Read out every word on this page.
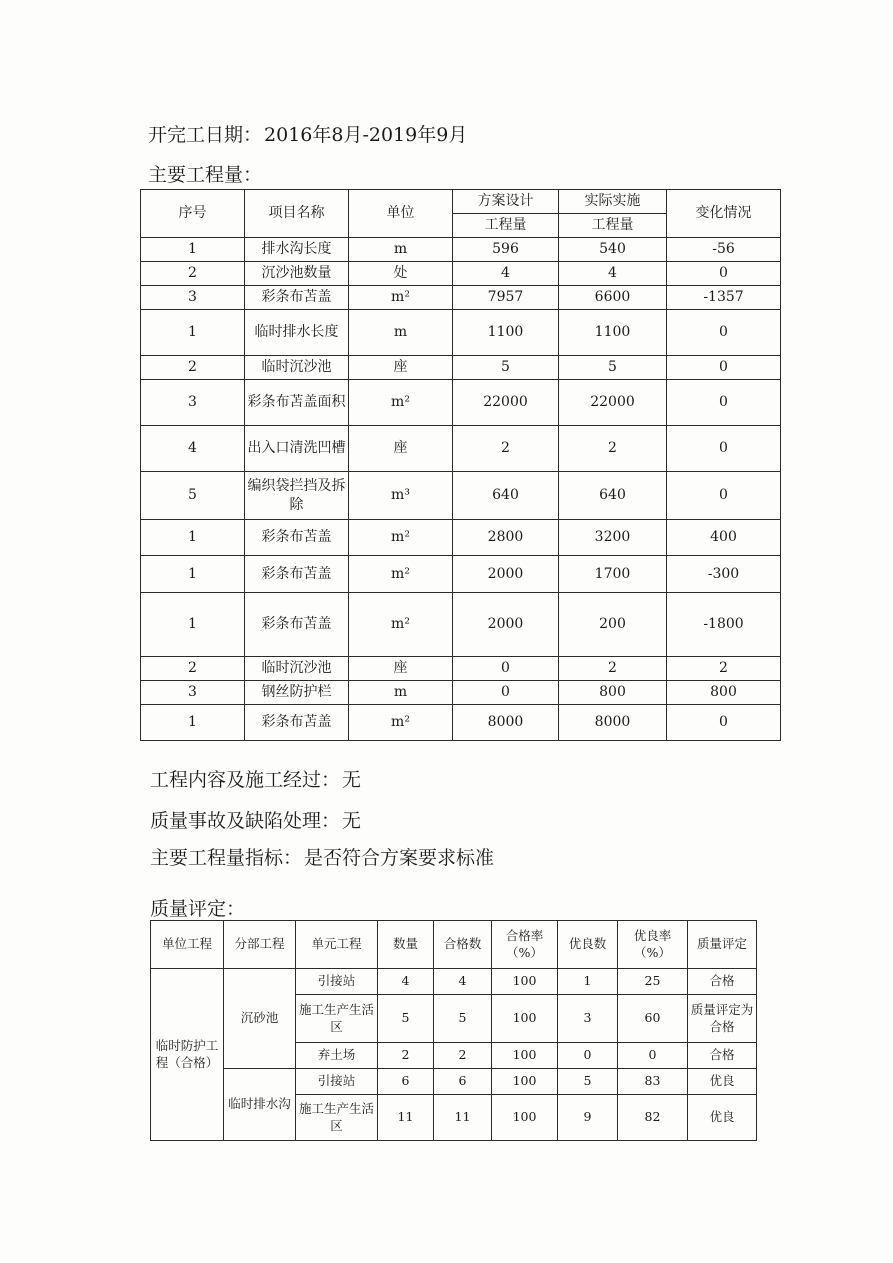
开完工日期： 2016年8月-2019年9月
主要工程量：
序号	项目名称	单位	方案设计	实际实施	变化情况
			工程量	工程量	
1	排水沟长度	m	596	540	-56
2	沉沙池数量	处	4	4	0
3	彩条布苫盖	m²	7957	6600	-1357
1	临时排水长度	m	1100	1100	0
2	临时沉沙池	座	5	5	0
3	彩条布苫盖面积	m²	22000	22000	0
4	出入口清洗凹槽	座	2	2	0
5	编织袋拦挡及拆除	m³	640	640	0
1	彩条布苫盖	m²	2800	3200	400
1	彩条布苫盖	m²	2000	1700	-300
1	彩条布苫盖	m²	2000	200	-1800
2	临时沉沙池	座	0	2	2
3	钢丝防护栏	m	0	800	800
1	彩条布苫盖	m²	8000	8000	0
工程内容及施工经过： 无
质量事故及缺陷处理： 无
主要工程量指标： 是否符合方案要求标准
质量评定：
单位工程	分部工程	单元工程	数量	合格数	合格率（%）	优良数	优良率（%）	质量评定
临时防护工程（合格）	沉砂池	引接站	4	4	100	1	25	合格
		施工生产生活区	5	5	100	3	60	质量评定为合格
		弃土场	2	2	100	0	0	合格
	临时排水沟	引接站	6	6	100	5	83	优良
		施工生产生活区	11	11	100	9	82	优良
